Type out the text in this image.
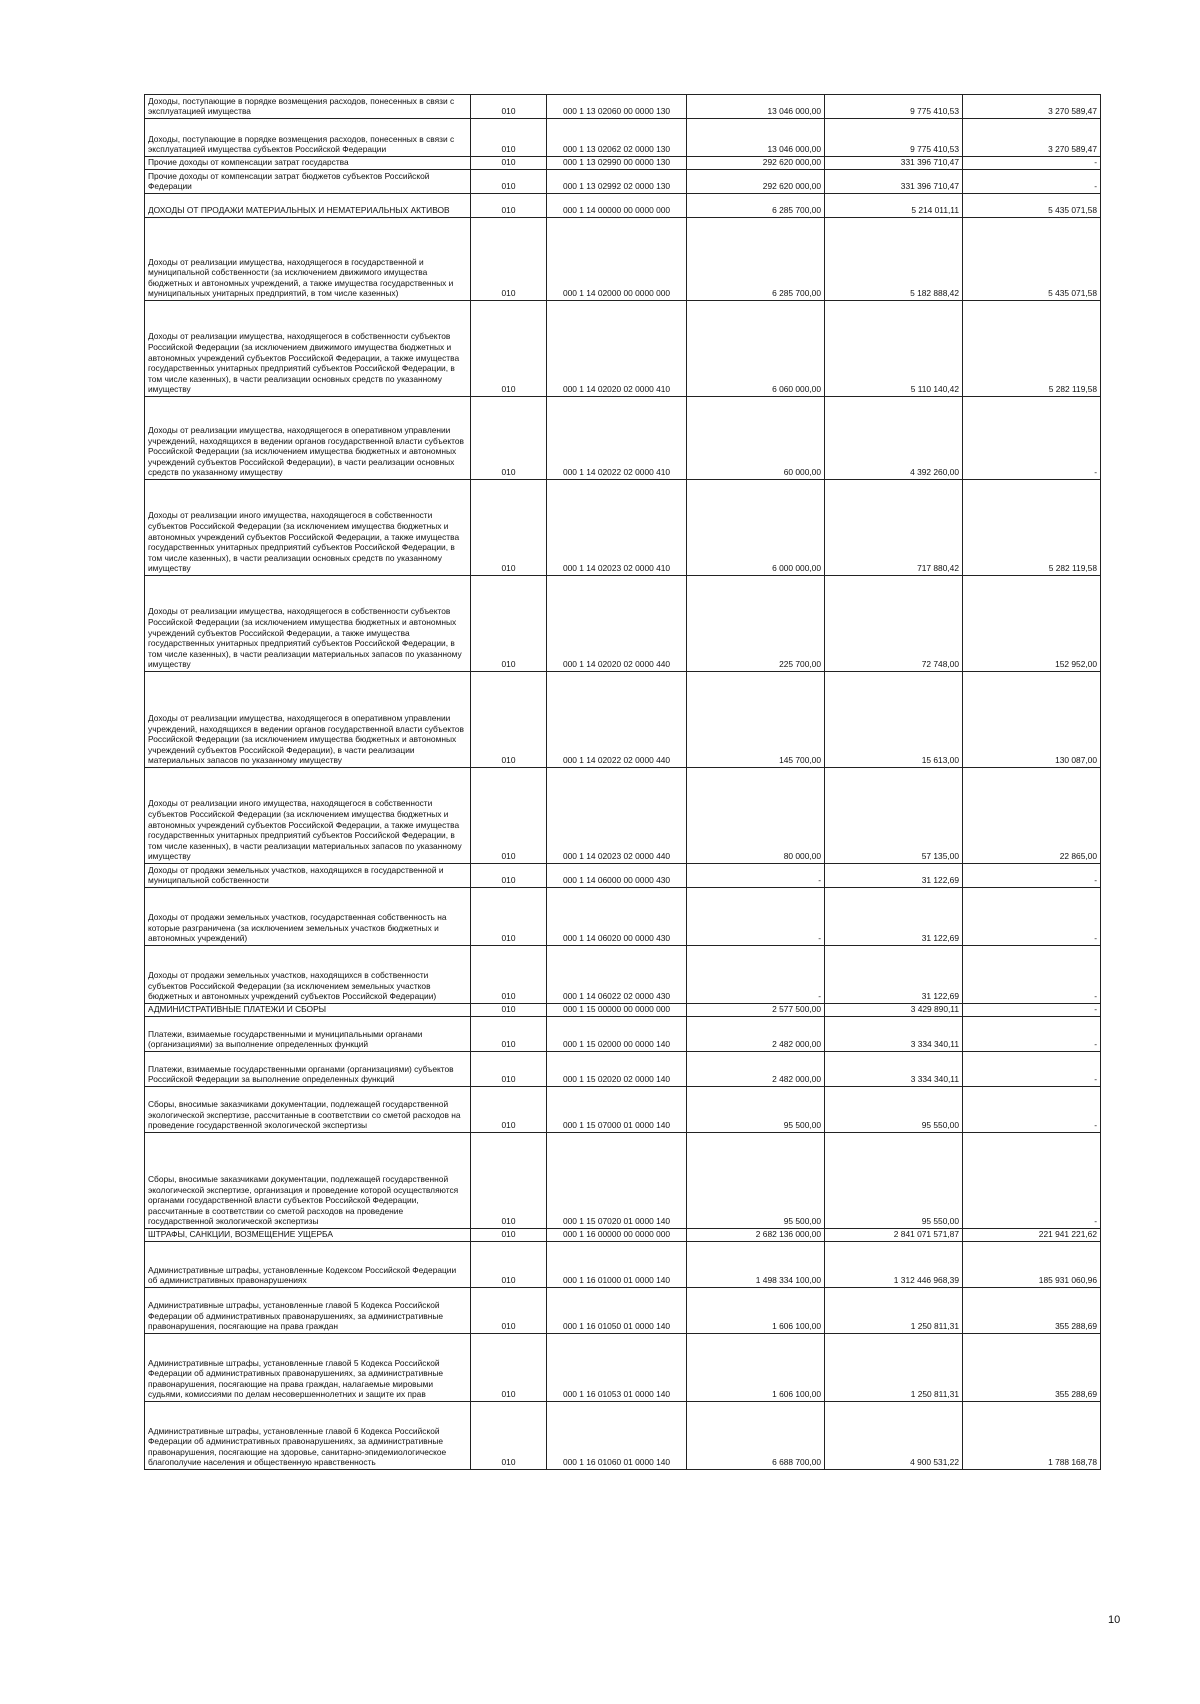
Доходы, поступающие в порядке возмещения расходов, понесенных в связи с эксплуатацией имущества	010	000 1 13 02060 00 0000 130	13 046 000,00	9 775 410,53	3 270 589,47
Доходы, поступающие в порядке возмещения расходов, понесенных в связи с эксплуатацией имущества субъектов Российской Федерации	010	000 1 13 02062 02 0000 130	13 046 000,00	9 775 410,53	3 270 589,47
Прочие доходы от компенсации затрат государства	010	000 1 13 02990 00 0000 130	292 620 000,00	331 396 710,47	-
Прочие доходы от компенсации затрат бюджетов субъектов Российской Федерации	010	000 1 13 02992 02 0000 130	292 620 000,00	331 396 710,47	-
ДОХОДЫ ОТ ПРОДАЖИ МАТЕРИАЛЬНЫХ И НЕМАТЕРИАЛЬНЫХ АКТИВОВ	010	000 1 14 00000 00 0000 000	6 285 700,00	5 214 011,11	5 435 071,58
Доходы от реализации имущества, находящегося в государственной и муниципальной собственности (за исключением движимого имущества бюджетных и автономных учреждений, а также имущества государственных и муниципальных унитарных предприятий, в том числе казенных)	010	000 1 14 02000 00 0000 000	6 285 700,00	5 182 888,42	5 435 071,58
Доходы от реализации имущества, находящегося в собственности субъектов Российской Федерации (за исключением движимого имущества бюджетных и автономных учреждений субъектов Российской Федерации, а также имущества государственных унитарных предприятий субъектов Российской Федерации, в том числе казенных), в части реализации основных средств по указанному имуществу	010	000 1 14 02020 02 0000 410	6 060 000,00	5 110 140,42	5 282 119,58
Доходы от реализации имущества, находящегося в оперативном управлении учреждений, находящихся в ведении органов государственной власти субъектов Российской Федерации (за исключением имущества бюджетных и автономных учреждений субъектов Российской Федерации), в части реализации основных средств по указанному имуществу	010	000 1 14 02022 02 0000 410	60 000,00	4 392 260,00	-
Доходы от реализации иного имущества, находящегося в собственности субъектов Российской Федерации (за исключением имущества бюджетных и автономных учреждений субъектов Российской Федерации, а также имущества государственных унитарных предприятий субъектов Российской Федерации, в том числе казенных), в части реализации основных средств по указанному имуществу	010	000 1 14 02023 02 0000 410	6 000 000,00	717 880,42	5 282 119,58
Доходы от реализации имущества, находящегося в собственности субъектов Российской Федерации (за исключением имущества бюджетных и автономных учреждений субъектов Российской Федерации, а также имущества государственных унитарных предприятий субъектов Российской Федерации, в том числе казенных), в части реализации материальных запасов по указанному имуществу	010	000 1 14 02020 02 0000 440	225 700,00	72 748,00	152 952,00
Доходы от реализации имущества, находящегося в оперативном управлении учреждений, находящихся в ведении органов государственной власти субъектов Российской Федерации (за исключением имущества бюджетных и автономных учреждений субъектов Российской Федерации), в части реализации материальных запасов по указанному имуществу	010	000 1 14 02022 02 0000 440	145 700,00	15 613,00	130 087,00
Доходы от реализации иного имущества, находящегося в собственности субъектов Российской Федерации (за исключением имущества бюджетных и автономных учреждений субъектов Российской Федерации, а также имущества государственных унитарных предприятий субъектов Российской Федерации, в том числе казенных), в части реализации материальных запасов по указанному имуществу	010	000 1 14 02023 02 0000 440	80 000,00	57 135,00	22 865,00
Доходы от продажи земельных участков, находящихся в государственной и муниципальной собственности	010	000 1 14 06000 00 0000 430	-	31 122,69	-
Доходы от продажи земельных участков, государственная собственность на которые разграничена (за исключением земельных участков бюджетных и автономных учреждений)	010	000 1 14 06020 00 0000 430	-	31 122,69	-
Доходы от продажи земельных участков, находящихся в собственности субъектов Российской Федерации (за исключением земельных участков бюджетных и автономных учреждений субъектов Российской Федерации)	010	000 1 14 06022 02 0000 430	-	31 122,69	-
АДМИНИСТРАТИВНЫЕ ПЛАТЕЖИ И СБОРЫ	010	000 1 15 00000 00 0000 000	2 577 500,00	3 429 890,11	-
Платежи, взимаемые государственными и муниципальными органами (организациями) за выполнение определенных функций	010	000 1 15 02000 00 0000 140	2 482 000,00	3 334 340,11	-
Платежи, взимаемые государственными органами (организациями) субъектов Российской Федерации за выполнение определенных функций	010	000 1 15 02020 02 0000 140	2 482 000,00	3 334 340,11	-
Сборы, вносимые заказчиками документации, подлежащей государственной экологической экспертизе, рассчитанные в соответствии со сметой расходов на проведение государственной экологической экспертизы	010	000 1 15 07000 01 0000 140	95 500,00	95 550,00	-
Сборы, вносимые заказчиками документации, подлежащей государственной экологической экспертизе, организация и проведение которой осуществляются органами государственной власти субъектов Российской Федерации, рассчитанные в соответствии со сметой расходов на проведение государственной экологической экспертизы	010	000 1 15 07020 01 0000 140	95 500,00	95 550,00	-
ШТРАФЫ, САНКЦИИ, ВОЗМЕЩЕНИЕ УЩЕРБА	010	000 1 16 00000 00 0000 000	2 682 136 000,00	2 841 071 571,87	221 941 221,62
Административные штрафы, установленные Кодексом Российской Федерации об административных правонарушениях	010	000 1 16 01000 01 0000 140	1 498 334 100,00	1 312 446 968,39	185 931 060,96
Административные штрафы, установленные главой 5 Кодекса Российской Федерации об административных правонарушениях, за административные правонарушения, посягающие на права граждан	010	000 1 16 01050 01 0000 140	1 606 100,00	1 250 811,31	355 288,69
Административные штрафы, установленные главой 5 Кодекса Российской Федерации об административных правонарушениях, за административные правонарушения, посягающие на права граждан, налагаемые мировыми судьями, комиссиями по делам несовершеннолетних и защите их прав	010	000 1 16 01053 01 0000 140	1 606 100,00	1 250 811,31	355 288,69
Административные штрафы, установленные главой 6 Кодекса Российской Федерации об административных правонарушениях, за административные правонарушения, посягающие на здоровье, санитарно-эпидемиологическое благополучие населения и общественную нравственность	010	000 1 16 01060 01 0000 140	6 688 700,00	4 900 531,22	1 788 168,78
10
